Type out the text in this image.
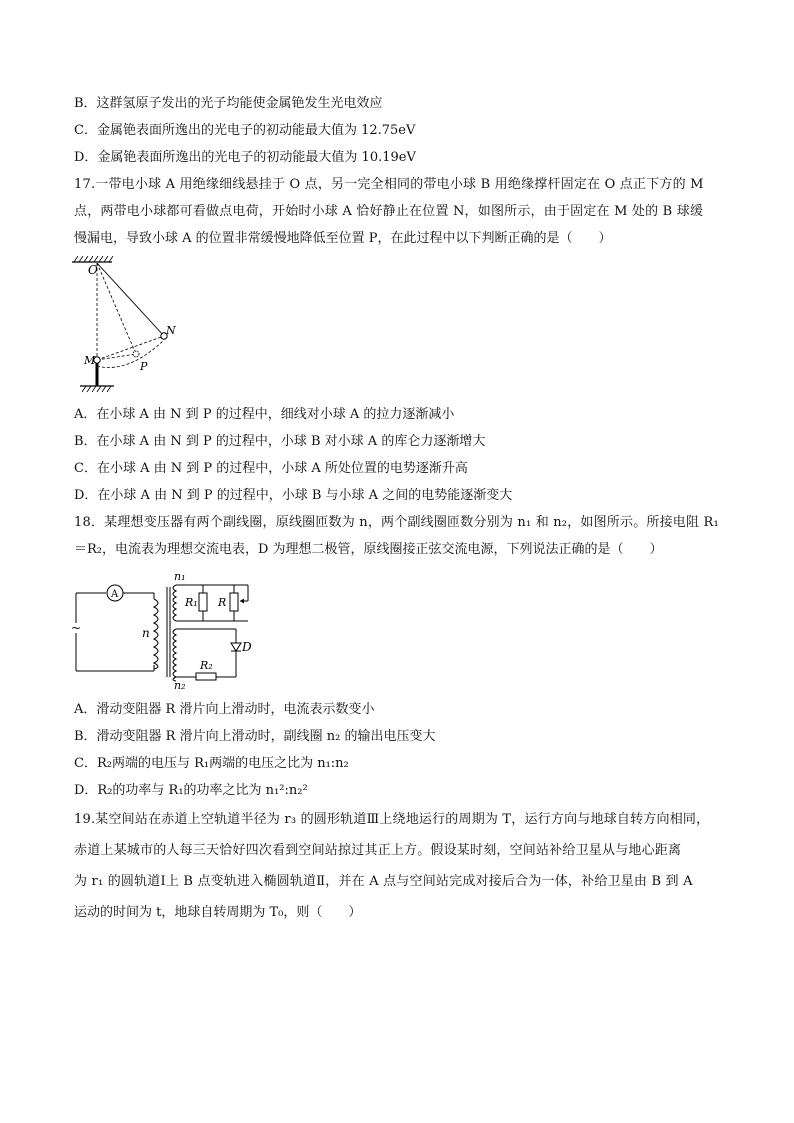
B．这群氢原子发出的光子均能使金属铯发生光电效应
C．金属铯表面所逸出的光电子的初动能最大值为 12.75eV
D．金属铯表面所逸出的光电子的初动能最大值为 10.19eV
17.一带电小球 A 用绝缘细线悬挂于 O 点，另一完全相同的带电小球 B 用绝缘撑杆固定在 O 点正下方的 M
点，两带电小球都可看做点电荷，开始时小球 A 恰好静止在位置 N，如图所示，由于固定在 M 处的 B 球缓
慢漏电，导致小球 A 的位置非常缓慢地降低至位置 P，在此过程中以下判断正确的是（　　）
O
N
M	P
A．在小球 A 由 N 到 P 的过程中，细线对小球 A 的拉力逐渐减小
B．在小球 A 由 N 到 P 的过程中，小球 B 对小球 A 的库仑力逐渐增大
C．在小球 A 由 N 到 P 的过程中，小球 A 所处位置的电势逐渐升高
D．在小球 A 由 N 到 P 的过程中，小球 B 与小球 A 之间的电势能逐渐变大
18．某理想变压器有两个副线圈，原线圈匝数为 n，两个副线圈匝数分别为 n₁ 和 n₂，如图所示。所接电阻 R₁
＝R₂，电流表为理想交流电表，D 为理想二极管，原线圈接正弦交流电源，下列说法正确的是（　　）
A
~	n
n₁
R₁ R
n₂
D
R₂
A．滑动变阻器 R 滑片向上滑动时，电流表示数变小
B．滑动变阻器 R 滑片向上滑动时，副线圈 n₂ 的输出电压变大
C．R₂两端的电压与 R₁两端的电压之比为 n₁:n₂
D．R₂的功率与 R₁的功率之比为 n₁²:n₂²
19.某空间站在赤道上空轨道半径为 r₃ 的圆形轨道Ⅲ上绕地运行的周期为 T，运行方向与地球自转方向相同，
赤道上某城市的人每三天恰好四次看到空间站掠过其正上方。假设某时刻，空间站补给卫星从与地心距离
为 r₁ 的圆轨道Ⅰ上 B 点变轨进入椭圆轨道Ⅱ，并在 A 点与空间站完成对接后合为一体，补给卫星由 B 到 A
运动的时间为 t，地球自转周期为 T₀，则（　　）
